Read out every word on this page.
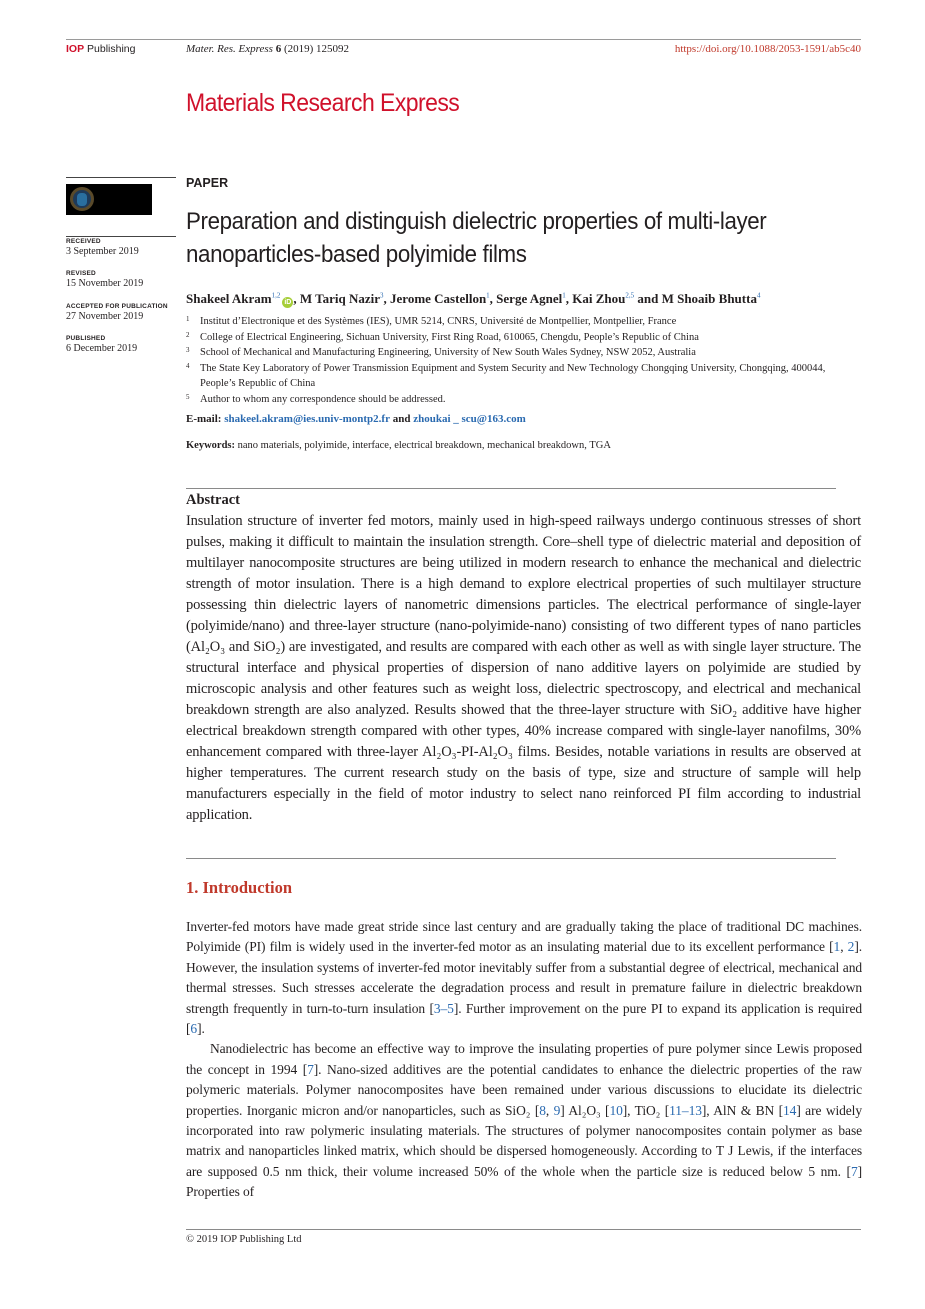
IOP Publishing	Mater. Res. Express 6 (2019) 125092	https://doi.org/10.1088/2053-1591/ab5c40
Materials Research Express
RECEIVED
3 September 2019
REVISED
15 November 2019
ACCEPTED FOR PUBLICATION
27 November 2019
PUBLISHED
6 December 2019
PAPER
Preparation and distinguish dielectric properties of multi-layer nanoparticles-based polyimide films
Shakeel Akram$^{1,2}$iD , M Tariq Nazir$^3$, Jerome Castellon$^1$, Serge Agnel$^1$, Kai Zhou$^{2,5}$ and M Shoaib Bhutta$^4$
1 Institut d’Electronique et des Systèmes (IES), UMR 5214, CNRS, Université de Montpellier, Montpellier, France
2 College of Electrical Engineering, Sichuan University, First Ring Road, 610065, Chengdu, People’s Republic of China
3 School of Mechanical and Manufacturing Engineering, University of New South Wales Sydney, NSW 2052, Australia
4 The State Key Laboratory of Power Transmission Equipment and System Security and New Technology Chongqing University, Chongqing, 400044, People’s Republic of China
5 Author to whom any correspondence should be addressed.
E-mail: shakeel.akram@ies.univ-montp2.fr and zhoukai _ scu@163.com
Keywords: nano materials, polyimide, interface, electrical breakdown, mechanical breakdown, TGA
Abstract
Insulation structure of inverter fed motors, mainly used in high-speed railways undergo continuous stresses of short pulses, making it difficult to maintain the insulation strength. Core–shell type of dielectric material and deposition of multilayer nanocomposite structures are being utilized in modern research to enhance the mechanical and dielectric strength of motor insulation. There is a high demand to explore electrical properties of such multilayer structure possessing thin dielectric layers of nanometric dimensions particles. The electrical performance of single-layer (polyimide/nano) and three-layer structure (nano-polyimide-nano) consisting of two different types of nano particles (Al₂O₃ and SiO₂) are investigated, and results are compared with each other as well as with single layer structure. The structural interface and physical properties of dispersion of nano additive layers on polyimide are studied by microscopic analysis and other features such as weight loss, dielectric spectroscopy, and electrical and mechanical breakdown strength are also analyzed. Results showed that the three-layer structure with SiO₂ additive have higher electrical breakdown strength compared with other types, 40% increase compared with single-layer nanofilms, 30% enhancement compared with three-layer Al₂O₃-PI-Al₂O₃ films. Besides, notable variations in results are observed at higher temperatures. The current research study on the basis of type, size and structure of sample will help manufacturers especially in the field of motor industry to select nano reinforced PI film according to industrial application.
1. Introduction

Inverter-fed motors have made great stride since last century and are gradually taking the place of traditional DC machines. Polyimide (PI) film is widely used in the inverter-fed motor as an insulating material due to its excellent performance [1, 2]. However, the insulation systems of inverter-fed motor inevitably suffer from a substantial degree of electrical, mechanical and thermal stresses. Such stresses accelerate the degradation process and result in premature failure in dielectric breakdown strength frequently in turn-to-turn insulation [3–5]. Further improvement on the pure PI to expand its application is required [6].

Nanodielectric has become an effective way to improve the insulating properties of pure polymer since Lewis proposed the concept in 1994 [7]. Nano-sized additives are the potential candidates to enhance the dielectric properties of the raw polymeric materials. Polymer nanocomposites have been remained under various discussions to elucidate its dielectric properties. Inorganic micron and/or nanoparticles, such as SiO₂ [8, 9] Al₂O₃ [10], TiO₂ [11–13], AlN & BN [14] are widely incorporated into raw polymeric insulating materials. The structures of polymer nanocomposites contain polymer as base matrix and nanoparticles linked matrix, which should be dispersed homogeneously. According to T J Lewis, if the interfaces are supposed 0.5 nm thick, their volume increased 50% of the whole when the particle size is reduced below 5 nm. [7] Properties of

© 2019 IOP Publishing Ltd
